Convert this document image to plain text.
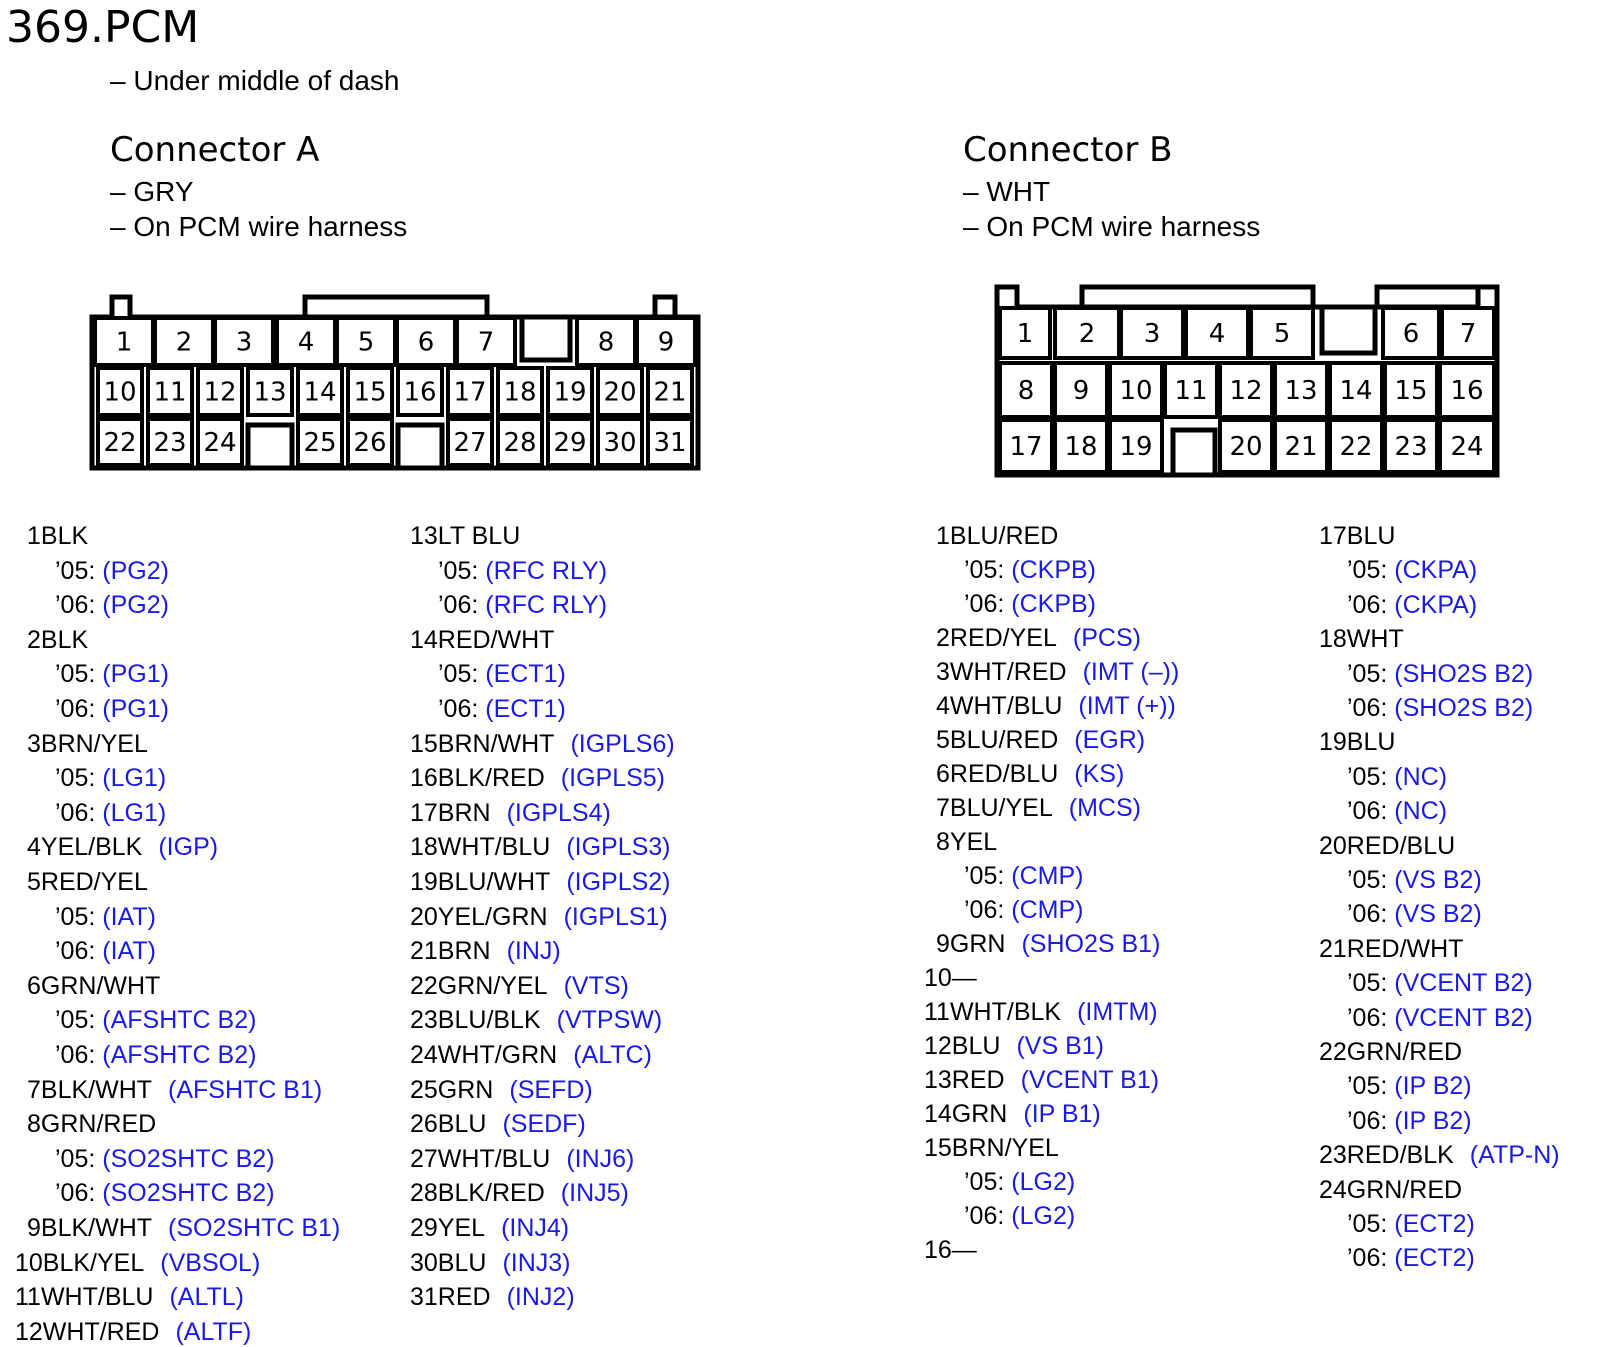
369.PCM
– Under middle of dash
Connector A
– GRY
– On PCM wire harness
Connector B
– WHT
– On PCM wire harness
1 2 3 4 5 6 7	8 9
10 11 12 13 14 15 16 17 18 19 20 21
22 23 24	25 26	27 28 29 30 31
1 2 3 4 5	6 7
8 9 10 11 12 13 14 15 16
17 18 19	20 21 22 23 24
1BLK
’05: (PG2)
’06: (PG2)
2BLK
’05: (PG1)
’06: (PG1)
3BRN/YEL
’05: (LG1)
’06: (LG1)
4YEL/BLK (IGP)
5RED/YEL
’05: (IAT)
’06: (IAT)
6GRN/WHT
’05: (AFSHTC B2)
’06: (AFSHTC B2)
7BLK/WHT (AFSHTC B1)
8GRN/RED
’05: (SO2SHTC B2)
’06: (SO2SHTC B2)
9BLK/WHT (SO2SHTC B1)
10BLK/YEL (VBSOL)
11WHT/BLU (ALTL)
12WHT/RED (ALTF)
13LT BLU
’05: (RFC RLY)
’06: (RFC RLY)
14RED/WHT
’05: (ECT1)
’06: (ECT1)
15BRN/WHT (IGPLS6)
16BLK/RED (IGPLS5)
17BRN (IGPLS4)
18WHT/BLU (IGPLS3)
19BLU/WHT (IGPLS2)
20YEL/GRN (IGPLS1)
21BRN (INJ)
22GRN/YEL (VTS)
23BLU/BLK (VTPSW)
24WHT/GRN (ALTC)
25GRN (SEFD)
26BLU (SEDF)
27WHT/BLU (INJ6)
28BLK/RED (INJ5)
29YEL (INJ4)
30BLU (INJ3)
31RED (INJ2)
1BLU/RED
’05: (CKPB)
’06: (CKPB)
2RED/YEL (PCS)
3WHT/RED (IMT (–))
4WHT/BLU (IMT (+))
5BLU/RED (EGR)
6RED/BLU (KS)
7BLU/YEL (MCS)
8YEL
’05: (CMP)
’06: (CMP)
9GRN (SHO2S B1)
10—
11WHT/BLK (IMTM)
12BLU (VS B1)
13RED (VCENT B1)
14GRN (IP B1)
15BRN/YEL
’05: (LG2)
’06: (LG2)
16—
17BLU
’05: (CKPA)
’06: (CKPA)
18WHT
’05: (SHO2S B2)
’06: (SHO2S B2)
19BLU
’05: (NC)
’06: (NC)
20RED/BLU
’05: (VS B2)
’06: (VS B2)
21RED/WHT
’05: (VCENT B2)
’06: (VCENT B2)
22GRN/RED
’05: (IP B2)
’06: (IP B2)
23RED/BLK (ATP-N)
24GRN/RED
’05: (ECT2)
’06: (ECT2)
